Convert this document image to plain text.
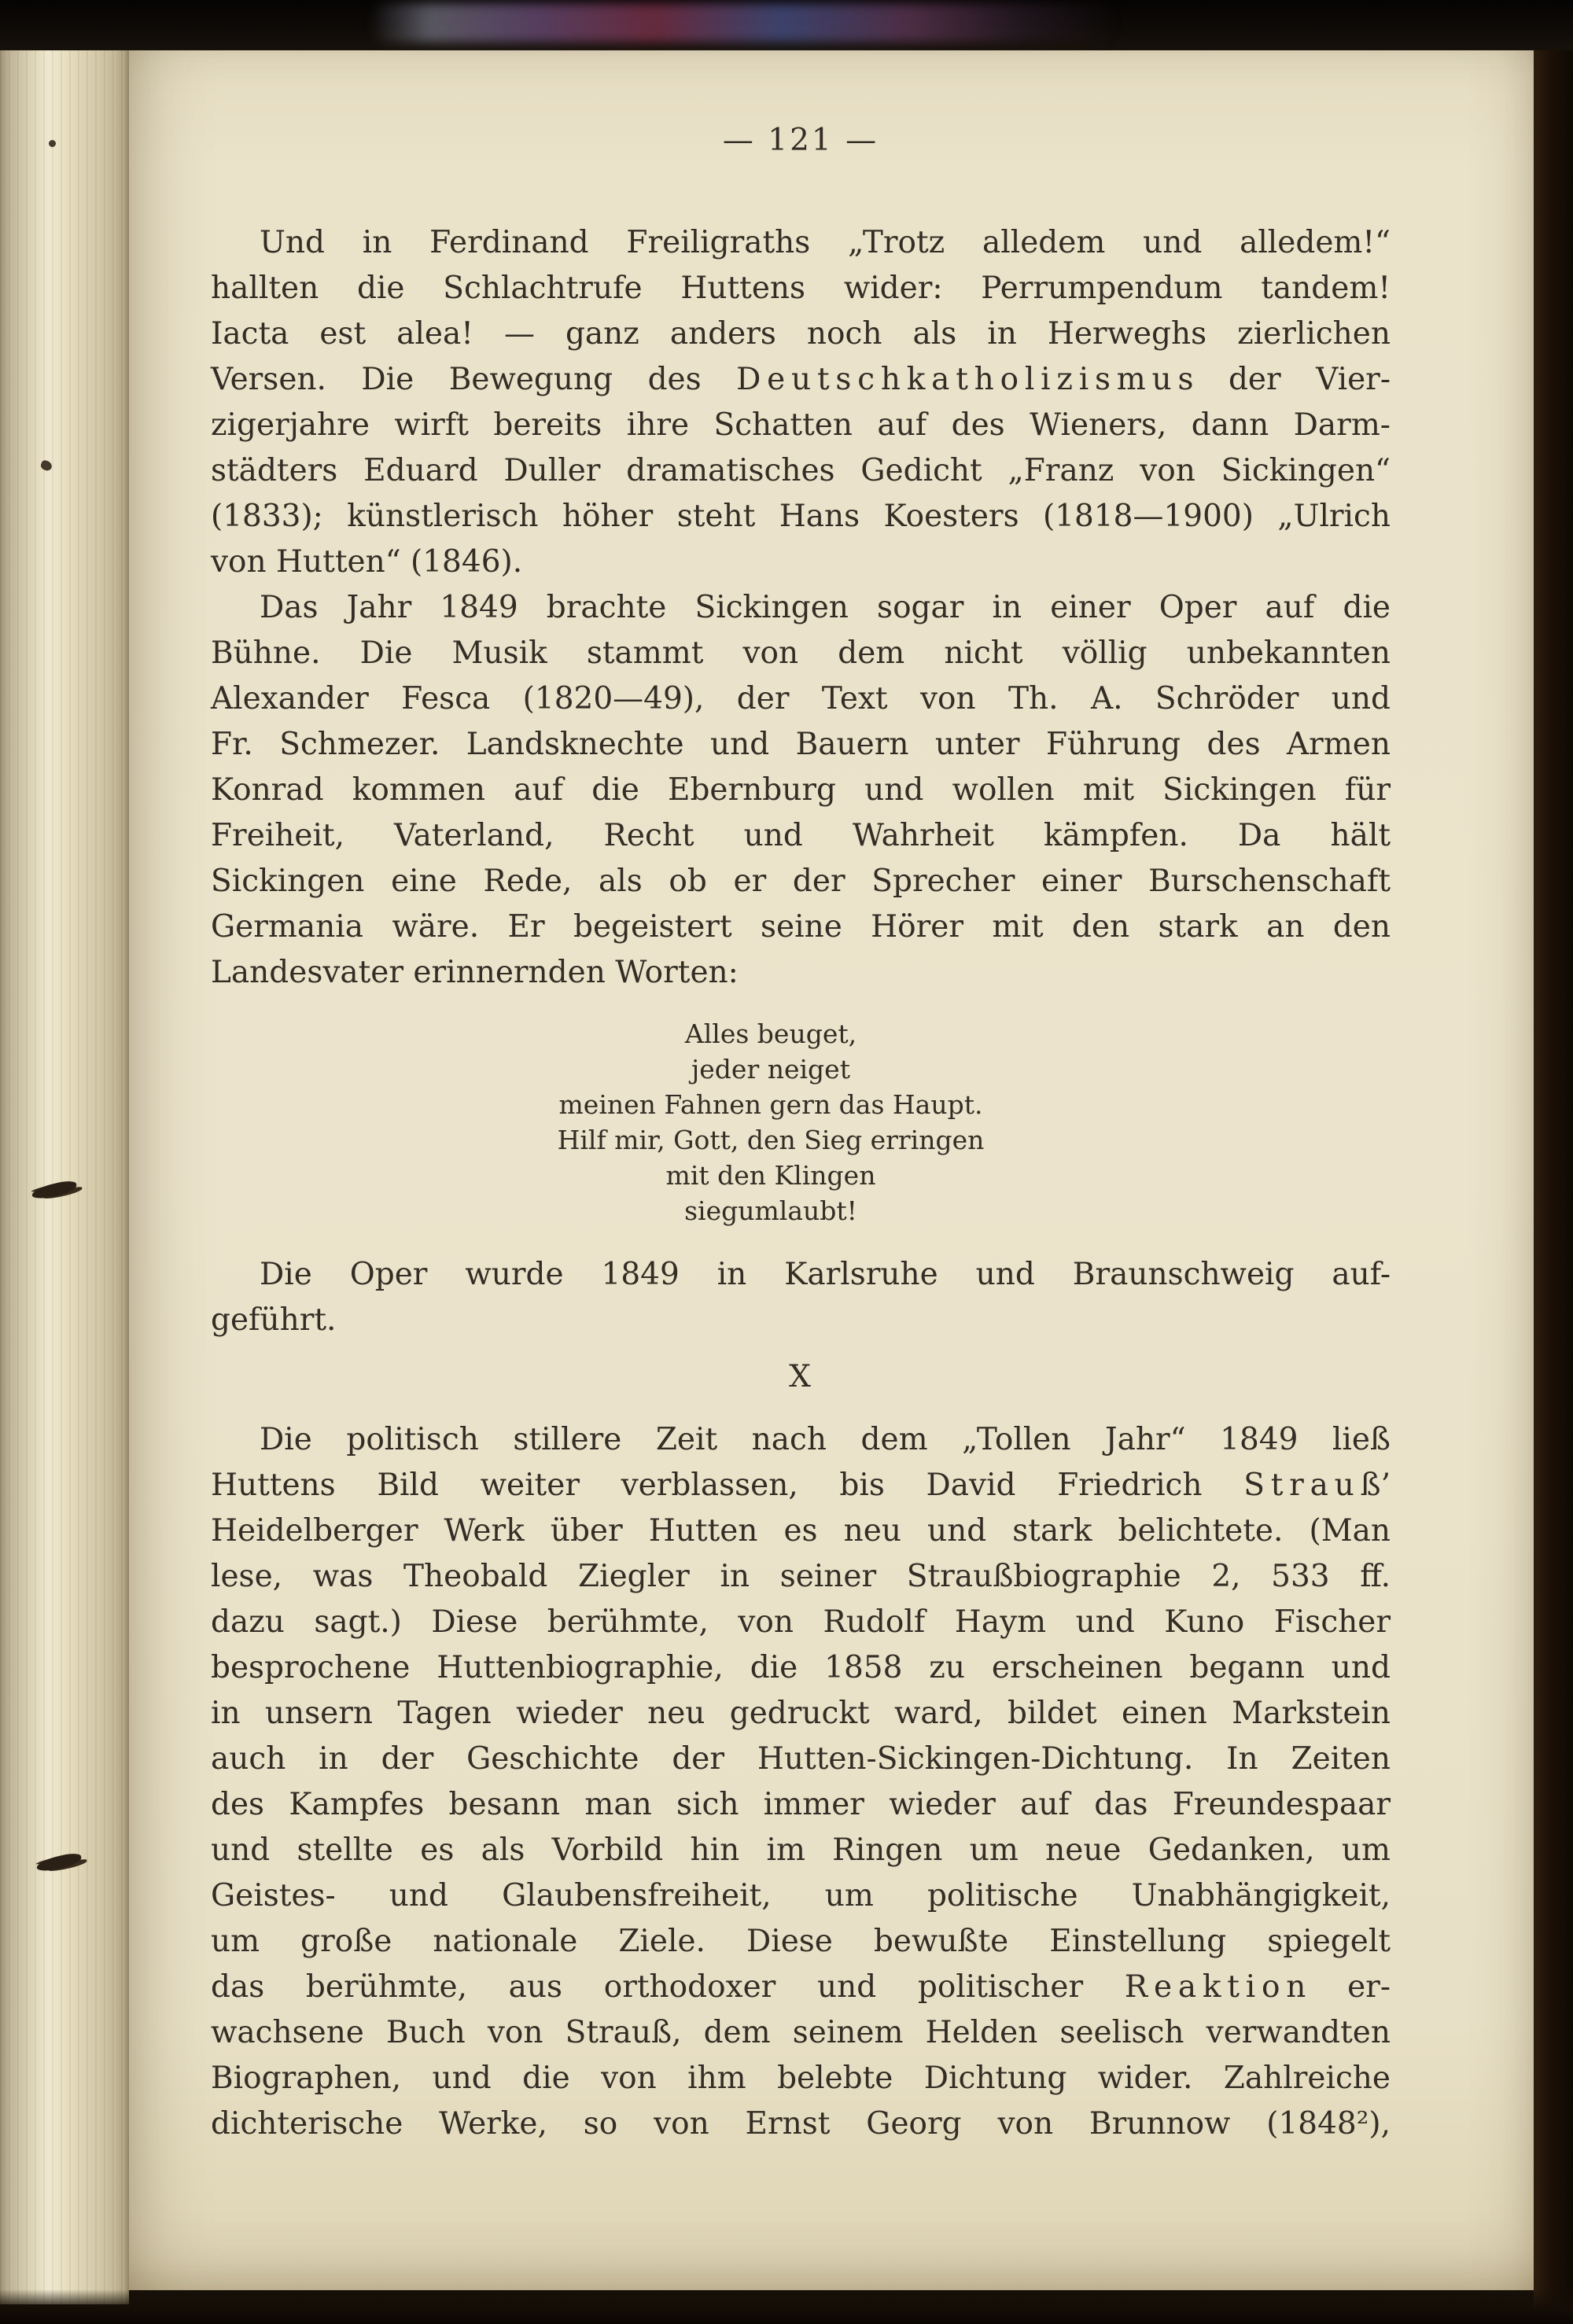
— 121 —
Und in Ferdinand Freiligraths „Trotz alledem und alledem!“
hallten die Schlachtrufe Huttens wider: Perrumpendum tandem!
Iacta est alea! — ganz anders noch als in Herweghs zierlichen
Versen. Die Bewegung des D e u t s c h k a t h o l i z i s m u s der Vier-
zigerjahre wirft bereits ihre Schatten auf des Wieners, dann Darm-
städters Eduard Duller dramatisches Gedicht „Franz von Sickingen“
(1833); künstlerisch höher steht Hans Koesters (1818—1900) „Ulrich
von Hutten“ (1846).
Das Jahr 1849 brachte Sickingen sogar in einer Oper auf die
Bühne. Die Musik stammt von dem nicht völlig unbekannten
Alexander Fesca (1820—49), der Text von Th. A. Schröder und
Fr. Schmezer. Landsknechte und Bauern unter Führung des Armen
Konrad kommen auf die Ebernburg und wollen mit Sickingen für
Freiheit, Vaterland, Recht und Wahrheit kämpfen. Da hält
Sickingen eine Rede, als ob er der Sprecher einer Burschenschaft
Germania wäre. Er begeistert seine Hörer mit den stark an den
Landesvater erinnernden Worten:
Alles beuget,
jeder neiget
meinen Fahnen gern das Haupt.
Hilf mir, Gott, den Sieg erringen
mit den Klingen
siegumlaubt!
Die Oper wurde 1849 in Karlsruhe und Braunschweig auf-
geführt.
X
Die politisch stillere Zeit nach dem „Tollen Jahr“ 1849 ließ
Huttens Bild weiter verblassen, bis David Friedrich S t r a u ß’
Heidelberger Werk über Hutten es neu und stark belichtete. (Man
lese, was Theobald Ziegler in seiner Straußbiographie 2, 533 ff.
dazu sagt.) Diese berühmte, von Rudolf Haym und Kuno Fischer
besprochene Huttenbiographie, die 1858 zu erscheinen begann und
in unsern Tagen wieder neu gedruckt ward, bildet einen Markstein
auch in der Geschichte der Hutten-Sickingen-Dichtung. In Zeiten
des Kampfes besann man sich immer wieder auf das Freundespaar
und stellte es als Vorbild hin im Ringen um neue Gedanken, um
Geistes- und Glaubensfreiheit, um politische Unabhängigkeit,
um große nationale Ziele. Diese bewußte Einstellung spiegelt
das berühmte, aus orthodoxer und politischer R e a k t i o n er-
wachsene Buch von Strauß, dem seinem Helden seelisch verwandten
Biographen, und die von ihm belebte Dichtung wider. Zahlreiche
dichterische Werke, so von Ernst Georg von Brunnow (1848²),
